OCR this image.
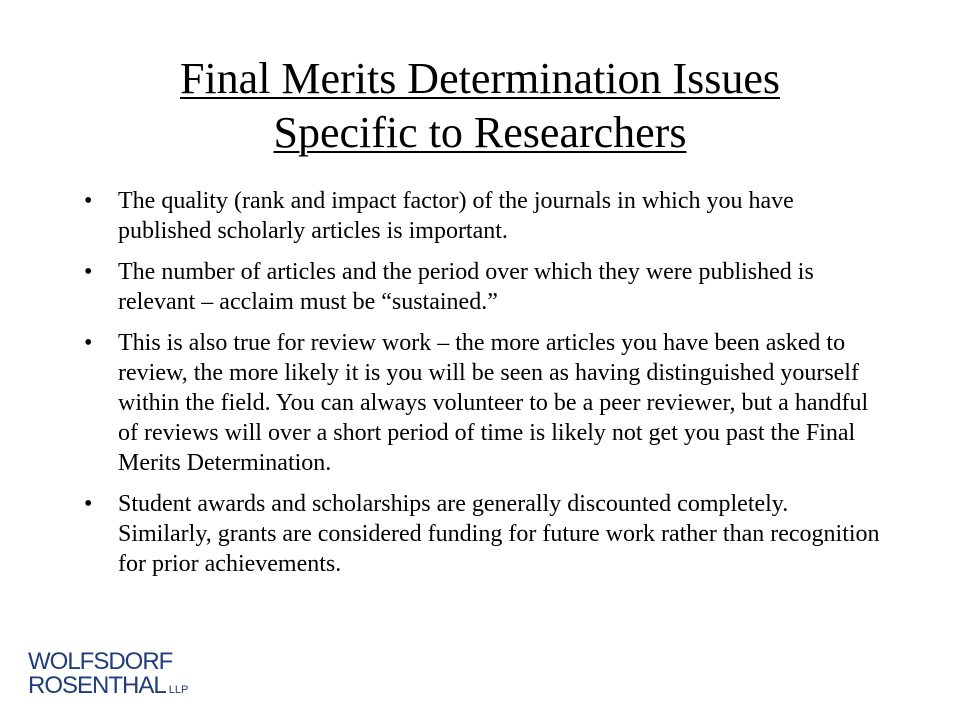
Final Merits Determination Issues
Specific to Researchers
• The quality (rank and impact factor) of the journals in which you have published scholarly articles is important.
• The number of articles and the period over which they were published is relevant – acclaim must be “sustained.”
• This is also true for review work – the more articles you have been asked to review, the more likely it is you will be seen as having distinguished yourself within the field. You can always volunteer to be a peer reviewer, but a handful of reviews will over a short period of time is likely not get you past the Final Merits Determination.
• Student awards and scholarships are generally discounted completely. Similarly, grants are considered funding for future work rather than recognition for prior achievements.
WOLFSDORF
ROSENTHAL LLP
